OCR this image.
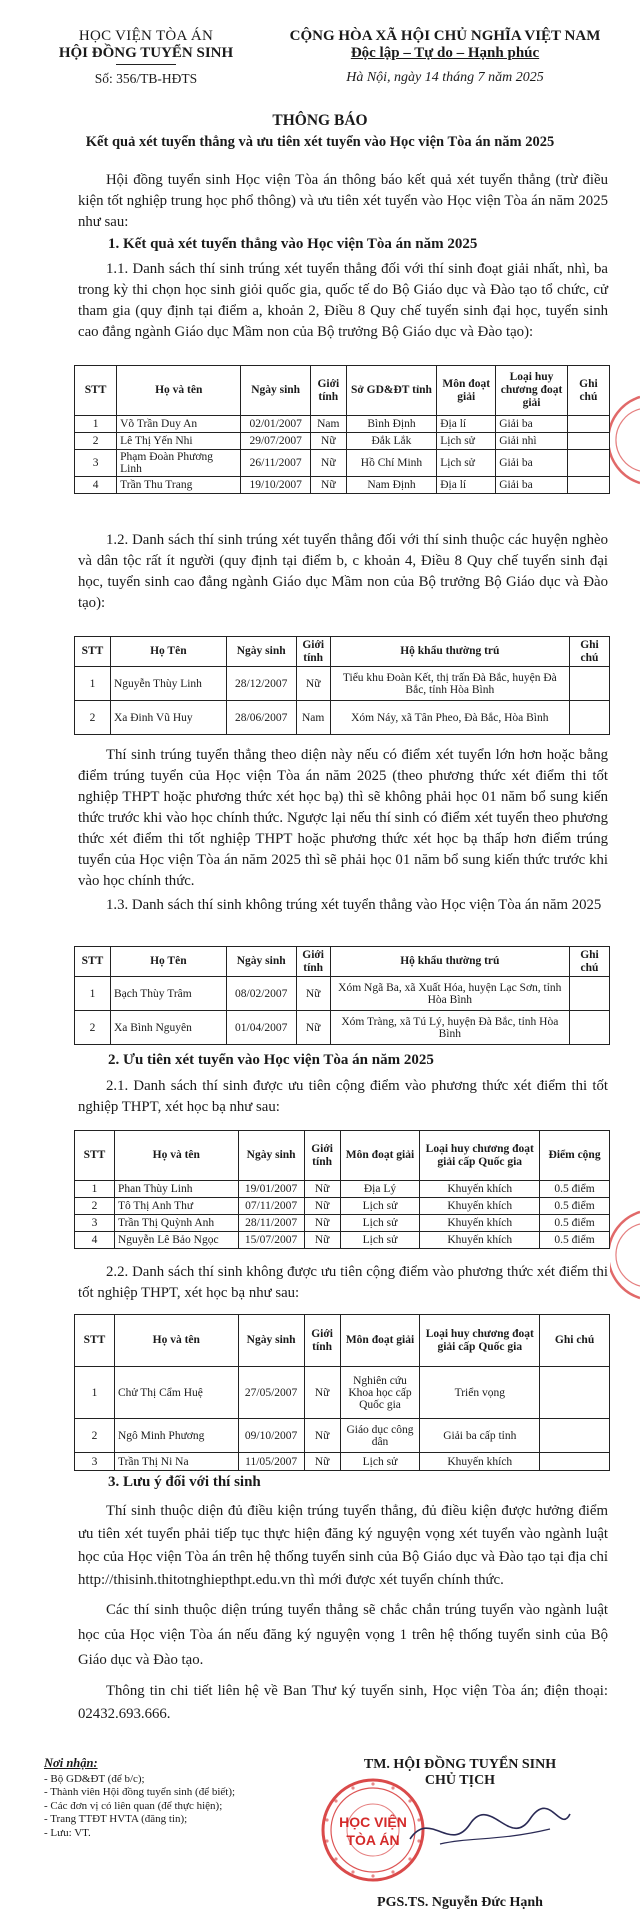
HỌC VIỆN TÒA ÁN
HỘI ĐỒNG TUYỂN SINH
Số: 356/TB-HĐTS
CỘNG HÒA XÃ HỘI CHỦ NGHĨA VIỆT NAM
Độc lập – Tự do – Hạnh phúc
Hà Nội, ngày 14 tháng 7 năm 2025
THÔNG BÁO
Kết quả xét tuyển thẳng và ưu tiên xét tuyển vào Học viện Tòa án năm 2025
Hội đồng tuyển sinh Học viện Tòa án thông báo kết quả xét tuyển thẳng (trừ điều kiện tốt nghiệp trung học phổ thông) và ưu tiên xét tuyển vào Học viện Tòa án năm 2025 như sau:
1. Kết quả xét tuyển thẳng vào Học viện Tòa án năm 2025
1.1. Danh sách thí sinh trúng xét tuyển thẳng đối với thí sinh đoạt giải nhất, nhì, ba trong kỳ thi chọn học sinh giỏi quốc gia, quốc tế do Bộ Giáo dục và Đào tạo tổ chức, cử tham gia (quy định tại điểm a, khoản 2, Điều 8 Quy chế tuyển sinh đại học, tuyển sinh cao đẳng ngành Giáo dục Mầm non của Bộ trưởng Bộ Giáo dục và Đào tạo):
STT	Họ và tên	Ngày sinh	Giới tính	Sở GD&ĐT tỉnh	Môn đoạt giải	Loại huy chương đoạt giải	Ghi chú
1	Võ Trần Duy An	02/01/2007	Nam	Bình Định	Địa lí	Giải ba	
2	Lê Thị Yến Nhi	29/07/2007	Nữ	Đắk Lắk	Lịch sử	Giải nhì	
3	Phạm Đoàn Phương Linh	26/11/2007	Nữ	Hồ Chí Minh	Lịch sử	Giải ba	
4	Trần Thu Trang	19/10/2007	Nữ	Nam Định	Địa lí	Giải ba	
1.2. Danh sách thí sinh trúng xét tuyển thẳng đối với thí sinh thuộc các huyện nghèo và dân tộc rất ít người (quy định tại điểm b, c khoản 4, Điều 8 Quy chế tuyển sinh đại học, tuyển sinh cao đẳng ngành Giáo dục Mầm non của Bộ trưởng Bộ Giáo dục và Đào tạo):
STT	Họ Tên	Ngày sinh	Giới tính	Hộ khẩu thường trú	Ghi chú
1	Nguyễn Thùy Linh	28/12/2007	Nữ	Tiểu khu Đoàn Kết, thị trấn Đà Bắc, huyện Đà Bắc, tỉnh Hòa Bình	
2	Xa Đinh Vũ Huy	28/06/2007	Nam	Xóm Náy, xã Tân Pheo, Đà Bắc, Hòa Bình	
Thí sinh trúng tuyển thẳng theo diện này nếu có điểm xét tuyển lớn hơn hoặc bằng điểm trúng tuyển của Học viện Tòa án năm 2025 (theo phương thức xét điểm thi tốt nghiệp THPT hoặc phương thức xét học bạ) thì sẽ không phải học 01 năm bổ sung kiến thức trước khi vào học chính thức. Ngược lại nếu thí sinh có điểm xét tuyển theo phương thức xét điểm thi tốt nghiệp THPT hoặc phương thức xét học bạ thấp hơn điểm trúng tuyển của Học viện Tòa án năm 2025 thì sẽ phải học 01 năm bổ sung kiến thức trước khi vào học chính thức.
1.3. Danh sách thí sinh không trúng xét tuyển thẳng vào Học viện Tòa án năm 2025
STT	Họ Tên	Ngày sinh	Giới tính	Hộ khẩu thường trú	Ghi chú
1	Bạch Thùy Trâm	08/02/2007	Nữ	Xóm Ngã Ba, xã Xuất Hóa, huyện Lạc Sơn, tỉnh Hòa Bình	
2	Xa Bình Nguyên	01/04/2007	Nữ	Xóm Tràng, xã Tú Lý, huyện Đà Bắc, tỉnh Hòa Bình	
2. Ưu tiên xét tuyển vào Học viện Tòa án năm 2025
2.1. Danh sách thí sinh được ưu tiên cộng điểm vào phương thức xét điểm thi tốt nghiệp THPT, xét học bạ như sau:
STT	Họ và tên	Ngày sinh	Giới tính	Môn đoạt giải	Loại huy chương đoạt giải cấp Quốc gia	Điểm cộng
1	Phan Thùy Linh	19/01/2007	Nữ	Địa Lý	Khuyến khích	0.5 điểm
2	Tô Thị Anh Thư	07/11/2007	Nữ	Lịch sử	Khuyến khích	0.5 điểm
3	Trần Thị Quỳnh Anh	28/11/2007	Nữ	Lịch sử	Khuyến khích	0.5 điểm
4	Nguyễn Lê Bảo Ngọc	15/07/2007	Nữ	Lịch sử	Khuyến khích	0.5 điểm
2.2. Danh sách thí sinh không được ưu tiên cộng điểm vào phương thức xét điểm thi tốt nghiệp THPT, xét học bạ như sau:
STT	Họ và tên	Ngày sinh	Giới tính	Môn đoạt giải	Loại huy chương đoạt giải cấp Quốc gia	Ghi chú
1	Chử Thị Cẩm Huệ	27/05/2007	Nữ	Nghiên cứu Khoa học cấp Quốc gia	Triển vọng	
2	Ngô Minh Phương	09/10/2007	Nữ	Giáo dục công dân	Giải ba cấp tỉnh	
3	Trần Thị Ni Na	11/05/2007	Nữ	Lịch sử	Khuyến khích	
3. Lưu ý đối với thí sinh
Thí sinh thuộc diện đủ điều kiện trúng tuyển thẳng, đủ điều kiện được hưởng điểm ưu tiên xét tuyển phải tiếp tục thực hiện đăng ký nguyện vọng xét tuyển vào ngành luật học của Học viện Tòa án trên hệ thống tuyển sinh của Bộ Giáo dục và Đào tạo tại địa chỉ http://thisinh.thitotnghiepthpt.edu.vn thì mới được xét tuyển chính thức.
Các thí sinh thuộc diện trúng tuyển thẳng sẽ chắc chắn trúng tuyển vào ngành luật học của Học viện Tòa án nếu đăng ký nguyện vọng 1 trên hệ thống tuyển sinh của Bộ Giáo dục và Đào tạo.
Thông tin chi tiết liên hệ về Ban Thư ký tuyển sinh, Học viện Tòa án; điện thoại: 02432.693.666.
Nơi nhận:
- Bộ GD&ĐT (để b/c);
- Thành viên Hội đồng tuyển sinh (để biết);
- Các đơn vị có liên quan (để thực hiện);
- Trang TTĐT HVTA (đăng tin);
- Lưu: VT.
HỌC VIỆN
TÒA ÁN
TM. HỘI ĐỒNG TUYỂN SINH
CHỦ TỊCH
PGS.TS. Nguyễn Đức Hạnh
